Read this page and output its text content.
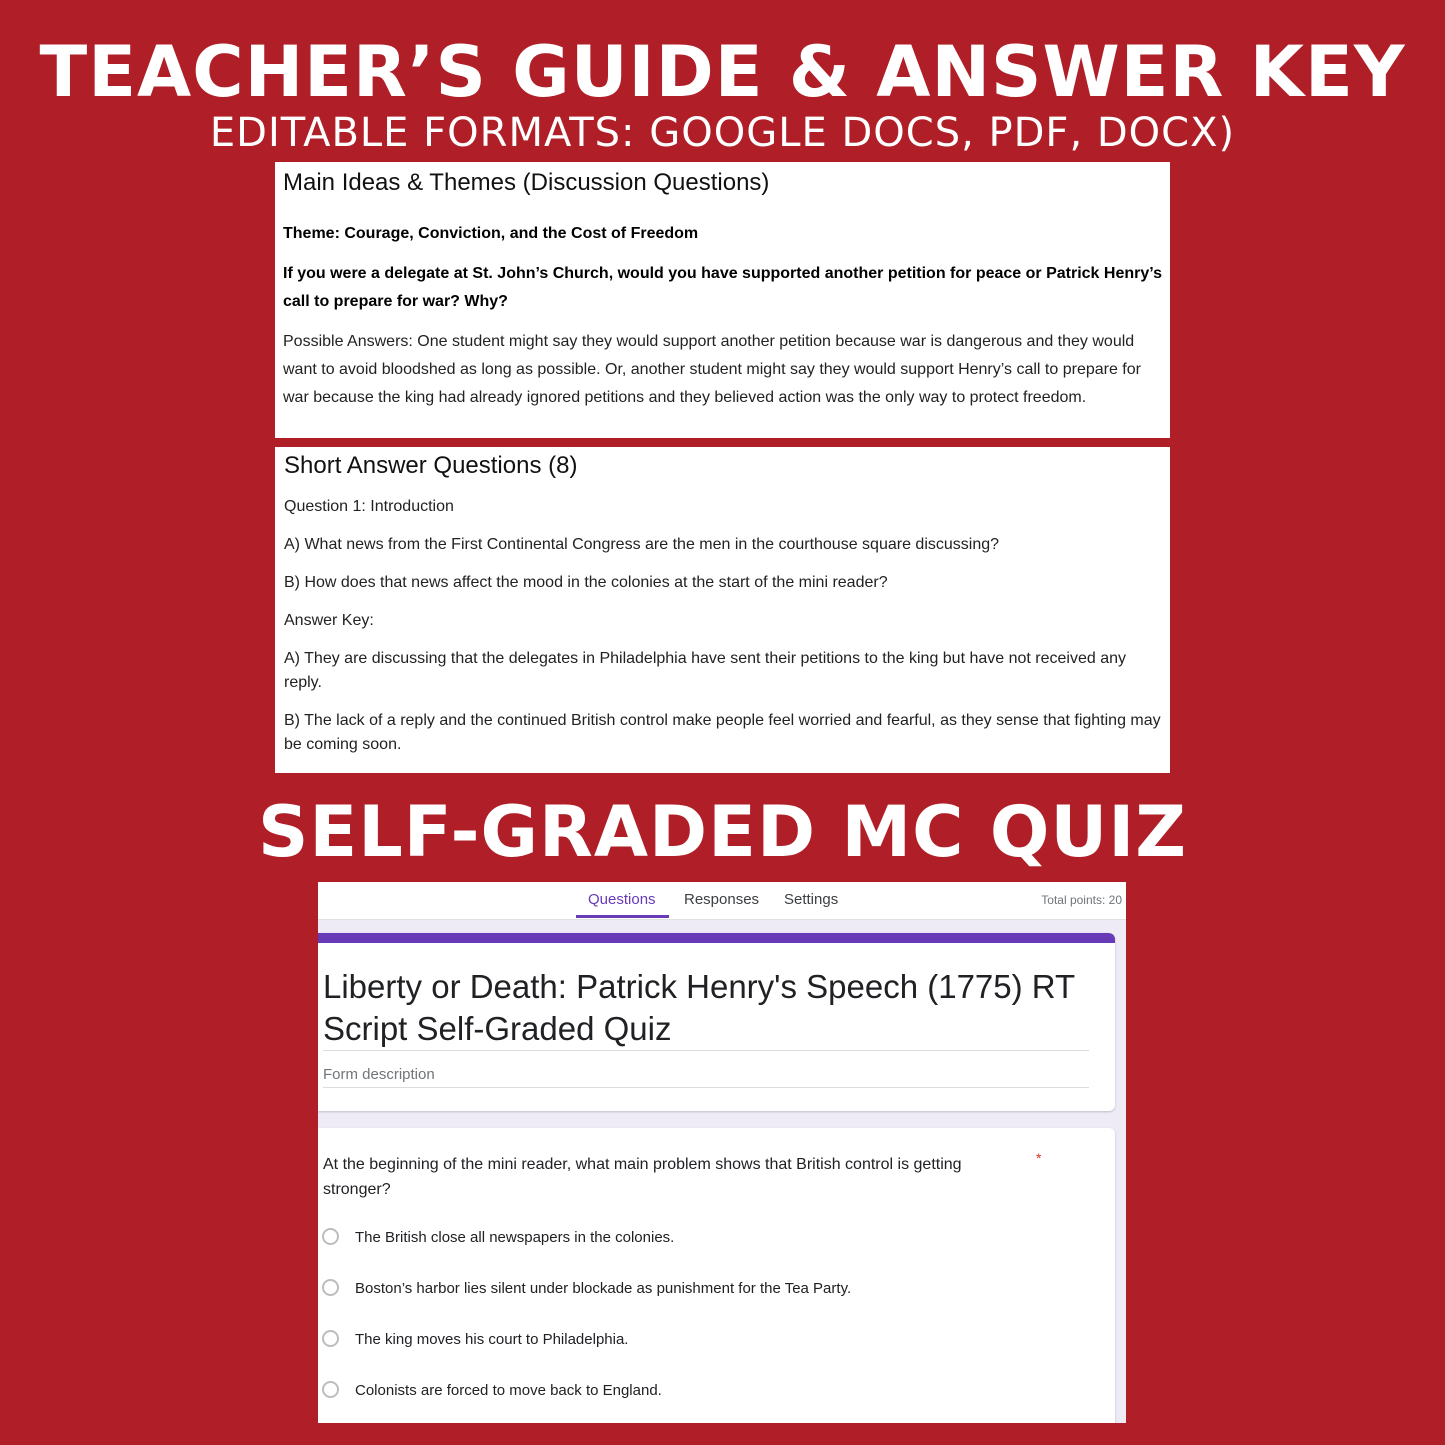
TEACHER’S GUIDE & ANSWER KEY
EDITABLE FORMATS: GOOGLE DOCS, PDF, DOCX)

Main Ideas & Themes (Discussion Questions)

Theme: Courage, Conviction, and the Cost of Freedom

If you were a delegate at St. John’s Church, would you have supported another petition for peace or Patrick Henry’s call to prepare for war? Why?

Possible Answers: One student might say they would support another petition because war is dangerous and they would want to avoid bloodshed as long as possible. Or, another student might say they would support Henry’s call to prepare for war because the king had already ignored petitions and they believed action was the only way to protect freedom.

Short Answer Questions (8)

Question 1: Introduction

A) What news from the First Continental Congress are the men in the courthouse square discussing?

B) How does that news affect the mood in the colonies at the start of the mini reader?

Answer Key:

A) They are discussing that the delegates in Philadelphia have sent their petitions to the king but have not received any reply.

B) The lack of a reply and the continued British control make people feel worried and fearful, as they sense that fighting may be coming soon.

SELF-GRADED MC QUIZ
Questions Responses Settings	Total points: 20
Liberty or Death: Patrick Henry's Speech (1775) RT Script Self-Graded Quiz
Form description
At the beginning of the mini reader, what main problem shows that British control is getting stronger?
*
The British close all newspapers in the colonies.
Boston’s harbor lies silent under blockade as punishment for the Tea Party.
The king moves his court to Philadelphia.
Colonists are forced to move back to England.
